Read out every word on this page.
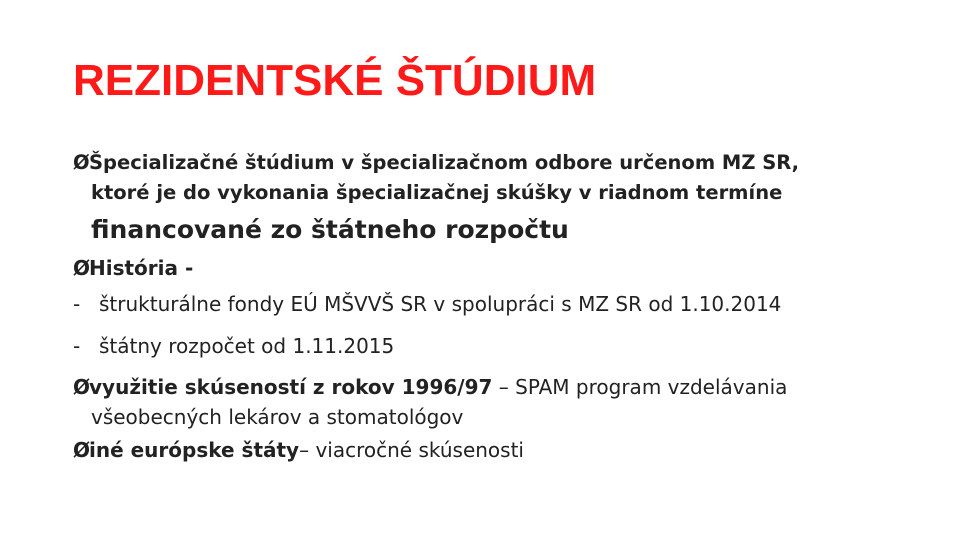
REZIDENTSKÉ ŠTÚDIUM
ØŠpecializačné štúdium v špecializačnom odbore určenom MZ SR,
ktoré je do vykonania špecializačnej skúšky v riadnom termíne
financované zo štátneho rozpočtu
ØHistória -
- štrukturálne fondy EÚ MŠVVŠ SR v spolupráci s MZ SR od 1.10.2014
- štátny rozpočet od 1.11.2015
Øvyužitie skúseností z rokov 1996/97 – SPAM program vzdelávania
všeobecných lekárov a stomatológov
Øiné európske štáty– viacročné skúsenosti
